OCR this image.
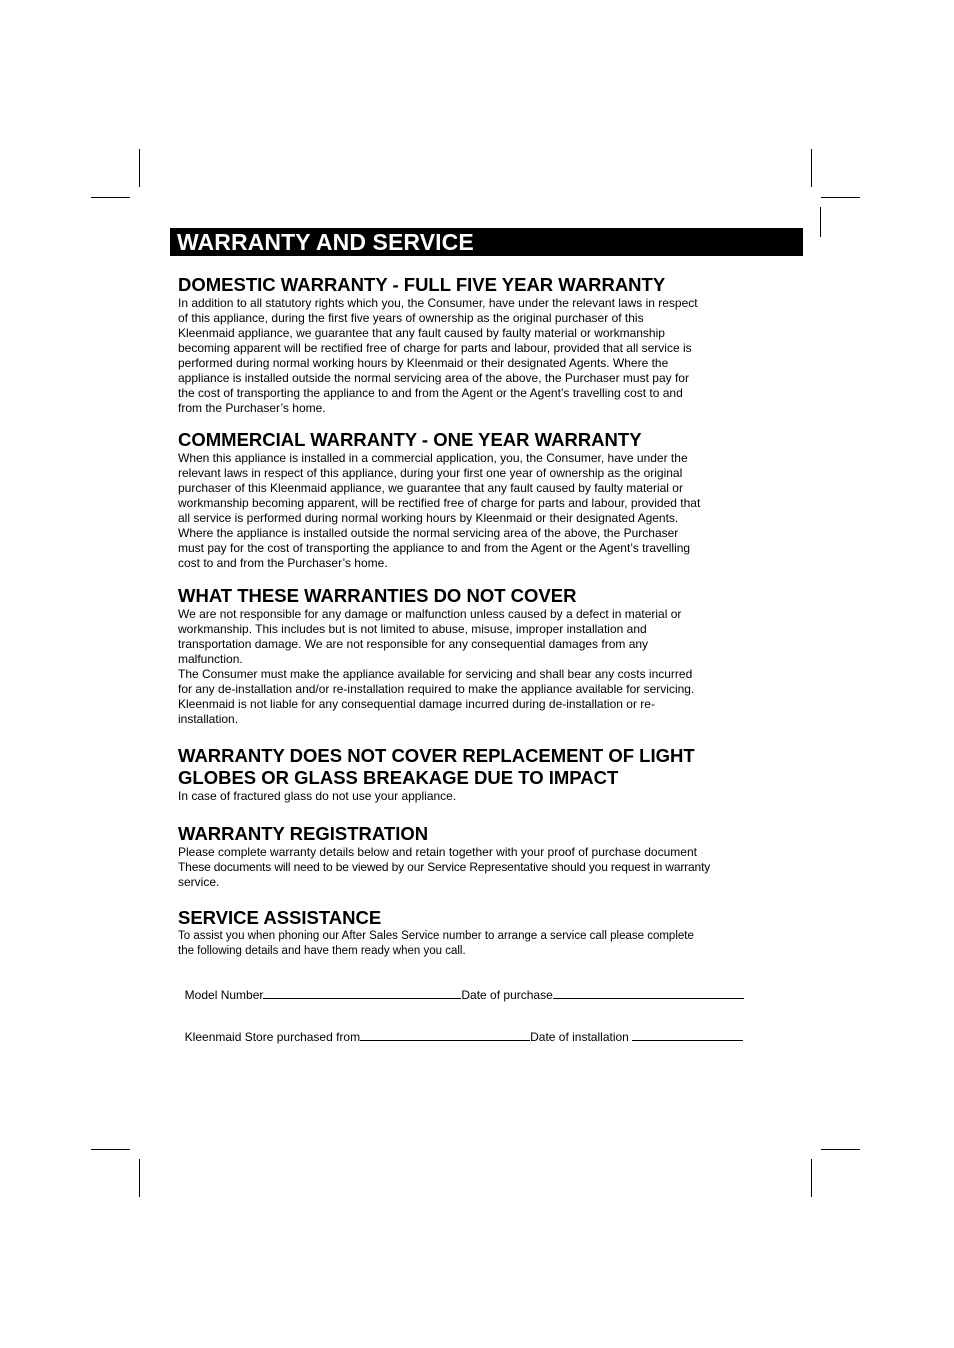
WARRANTY AND SERVICE
DOMESTIC WARRANTY - FULL FIVE YEAR WARRANTY

In addition to all statutory rights which you, the Consumer, have under the relevant laws in respect
of this appliance, during the first five years of ownership as the original purchaser of this
Kleenmaid appliance, we guarantee that any fault caused by faulty material or workmanship
becoming apparent will be rectified free of charge for parts and labour, provided that all service is
performed during normal working hours by Kleenmaid or their designated Agents. Where the
appliance is installed outside the normal servicing area of the above, the Purchaser must pay for
the cost of transporting the appliance to and from the Agent or the Agent’s travelling cost to and
from the Purchaser’s home.

COMMERCIAL WARRANTY - ONE YEAR WARRANTY

When this appliance is installed in a commercial application, you, the Consumer, have under the
relevant laws in respect of this appliance, during your first one year of ownership as the original
purchaser of this Kleenmaid appliance, we guarantee that any fault caused by faulty material or
workmanship becoming apparent, will be rectified free of charge for parts and labour, provided that
all service is performed during normal working hours by Kleenmaid or their designated Agents.
Where the appliance is installed outside the normal servicing area of the above, the Purchaser
must pay for the cost of transporting the appliance to and from the Agent or the Agent’s travelling
cost to and from the Purchaser’s home.

WHAT THESE WARRANTIES DO NOT COVER

We are not responsible for any damage or malfunction unless caused by a defect in material or
workmanship. This includes but is not limited to abuse, misuse, improper installation and
transportation damage. We are not responsible for any consequential damages from any
malfunction.
The Consumer must make the appliance available for servicing and shall bear any costs incurred
for any de-installation and/or re-installation required to make the appliance available for servicing.
Kleenmaid is not liable for any consequential damage incurred during de-installation or re-
installation.

WARRANTY DOES NOT COVER REPLACEMENT OF LIGHT
GLOBES OR GLASS BREAKAGE DUE TO IMPACT

In case of fractured glass do not use your appliance.

WARRANTY REGISTRATION

Please complete warranty details below and retain together with your proof of purchase document
These documents will need to be viewed by our Service Representative should you request in warranty
service.

SERVICE ASSISTANCE

To assist you when phoning our After Sales Service number to arrange a service call please complete
the following details and have them ready when you call.

Model Number	Date of purchase

Kleenmaid Store purchased from	Date of installation
